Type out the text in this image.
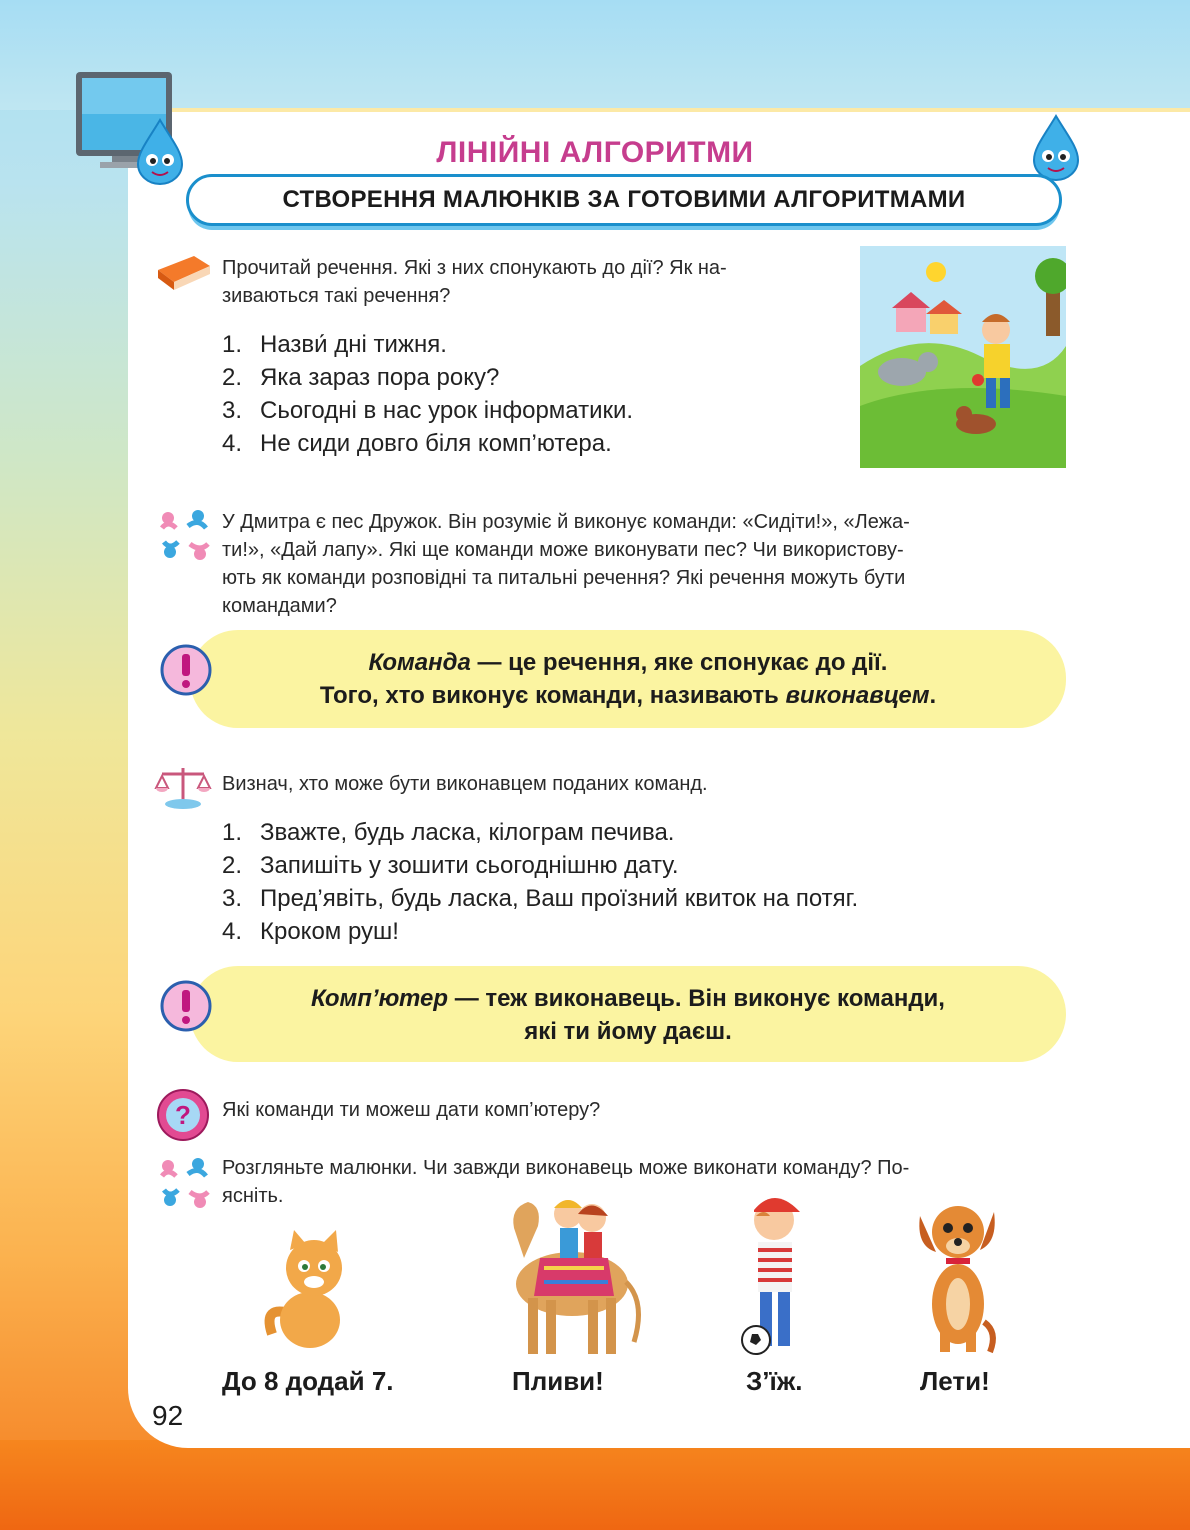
ЛІНІЙНІ АЛГОРИТМИ
СТВОРЕННЯ МАЛЮНКІВ ЗА ГОТОВИМИ АЛГОРИТМАМИ
Прочитай речення. Які з них спонукають до дії? Як на-
зиваються такі речення?
1. Назви́ дні тижня.
2. Яка зараз пора року?
3. Сьогодні в нас урок інформатики.
4. Не сиди довго біля комп’ютера.
У Дмитра є пес Дружок. Він розуміє й виконує команди: «Сидіти!», «Лежа-
ти!», «Дай лапу». Які ще команди може виконувати пес? Чи використову-
ють як команди розповідні та питальні речення? Які речення можуть бути
командами?
Команда — це речення, яке спонукає до дії.
Того, хто виконує команди, називають виконавцем.
Визнач, хто може бути виконавцем поданих команд.
1. Зважте, будь ласка, кілограм печива.
2. Запишіть у зошити сьогоднішню дату.
3. Пред’явіть, будь ласка, Ваш проїзний квиток на потяг.
4. Кроком руш!
Комп’ютер — теж виконавець. Він виконує команди,
які ти йому даєш.
? Які команди ти можеш дати комп’ютеру?
Розгляньте малюнки. Чи завжди виконавець може виконати команду? По-
ясніть.
До 8 додай 7.	Пливи!	З’їж.	Лети!
92
